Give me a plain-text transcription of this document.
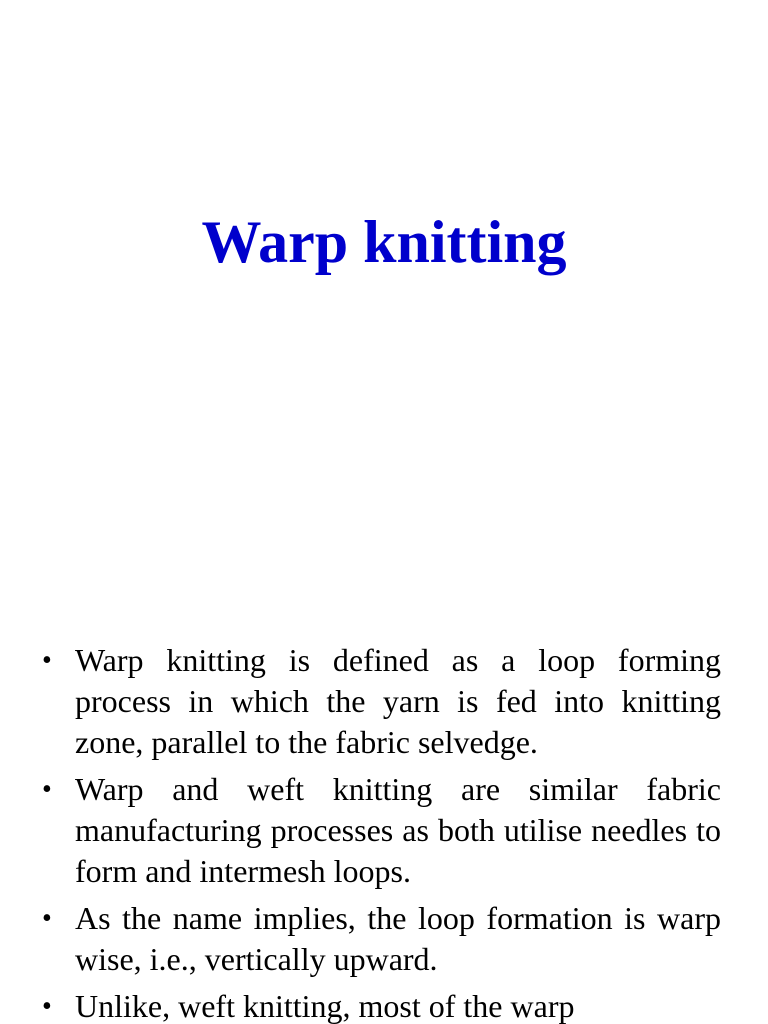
Warp knitting
• Warp knitting is defined as a loop forming process in which the yarn is fed into knitting zone, parallel to the fabric selvedge.
• Warp and weft knitting are similar fabric manufacturing processes as both utilise needles to form and intermesh loops.
• As the name implies, the loop formation is warp wise, i.e., vertically upward.
• Unlike, weft knitting, most of the warp
